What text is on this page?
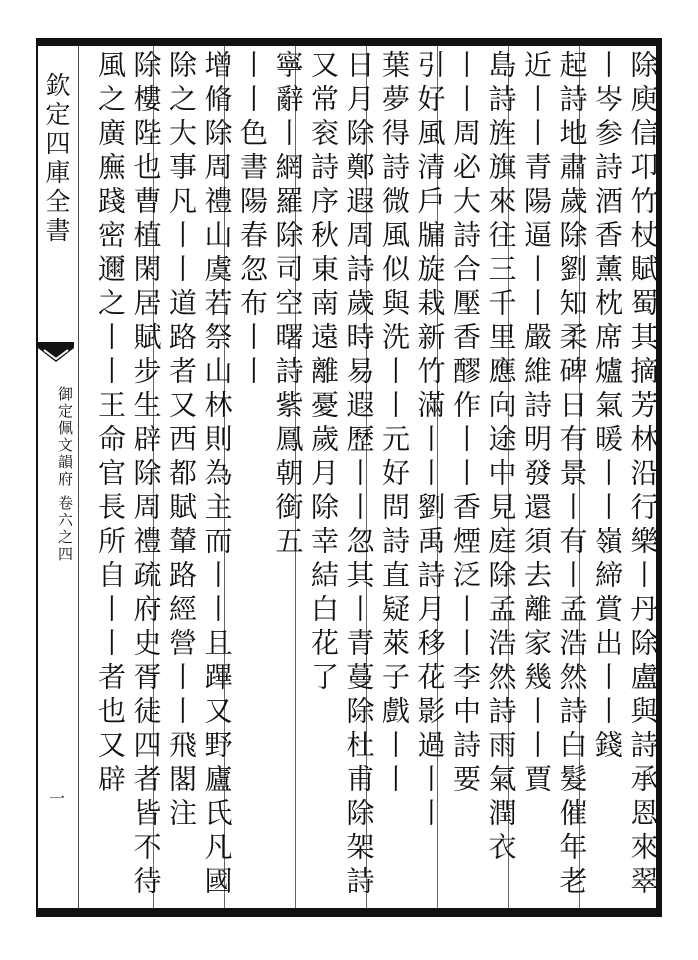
欽定四庫全書
御定佩文韻府 卷六之四
一	除庾信卭竹杖賦蜀其摘芳林沿行樂丨丹除盧與詩承恩來翠
丨岑参詩酒香薰枕席爐氣暖丨丨嶺締賞出丨丨錢
起詩地肅歲除劉知柔碑日有景丨有丨孟浩然詩白髮催年老
近丨丨青陽逼丨丨嚴維詩明發還須去離家幾丨丨賈
島詩旌旗來往三千里應向途中見庭除孟浩然詩雨氣潤衣
丨丨周必大詩合壓香醪作丨丨香煙泛丨丨李中詩要
引好風清戶牖旋栽新竹滿丨丨劉禹詩月移花影過丨丨
葉夢得詩微風似與洗丨丨元好問詩直疑萊子戲丨丨
日月除鄭遐周詩歲時易遐歷丨丨忽其丨青蔓除杜甫除架詩
又常衮詩序秋東南遠離憂歲月除幸結白花了
寧辭丨網羅除司空曙詩紫鳳朝銜五
丨丨色書陽春忽布丨丨
增脩除周禮山虞若祭山林則為主而丨丨且蹕又野廬氏凡國
除之大事凡丨丨道路者又西都賦輦路經營丨丨飛閣注
除樓陛也曹植閑居賦步生辟除周禮疏府史胥徒四者皆不待
風之廣廡踐密邇之丨丨王命官長所自丨丨者也又辟
